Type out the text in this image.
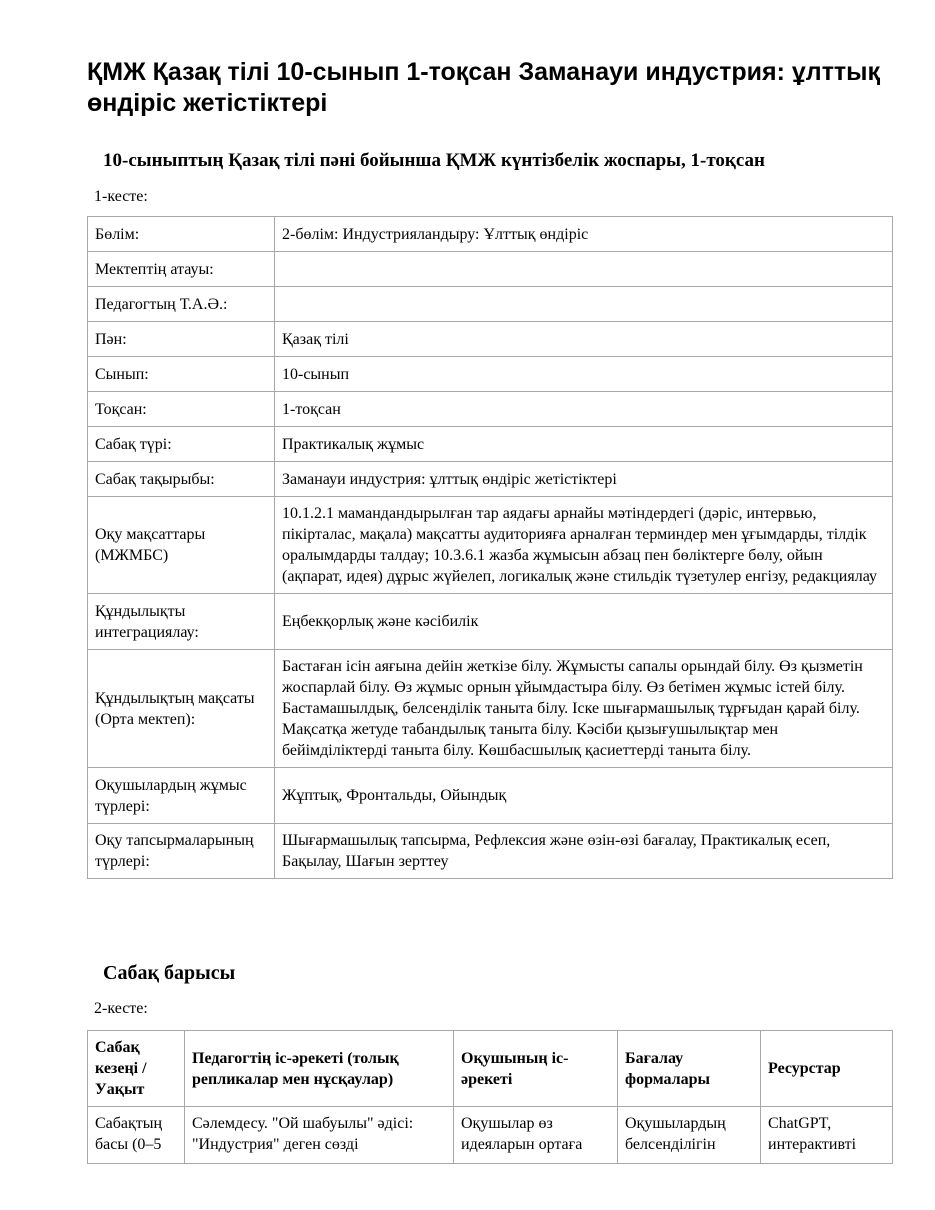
ҚМЖ Қазақ тілі 10-сынып 1-тоқсан Заманауи индустрия: ұлттық өндіріс жетістіктері
10-сыныптың Қазақ тілі пәні бойынша ҚМЖ күнтізбелік жоспары, 1-тоқсан

1-кесте:

Бөлім:	2-бөлім: Индустрияландыру: Ұлттық өндіріс
Мектептің атауы:	
Педагогтың Т.А.Ә.:	
Пән:	Қазақ тілі
Сынып:	10-сынып
Тоқсан:	1-тоқсан
Сабақ түрі:	Практикалық жұмыс
Сабақ тақырыбы:	Заманауи индустрия: ұлттық өндіріс жетістіктері
Оқу мақсаттары (МЖМБС)	10.1.2.1 мамандандырылған тар аядағы арнайы мәтіндердегі (дәріс, интервью, пікірталас, мақала) мақсатты аудиторияға арналған терминдер мен ұғымдарды, тілдік оралымдарды талдау; 10.3.6.1 жазба жұмысын абзац пен бөліктерге бөлу, ойын (ақпарат, идея) дұрыс жүйелеп, логикалық және стильдік түзетулер енгізу, редакциялау
Құндылықты интеграциялау:	Еңбекқорлық және кәсібилік
Құндылықтың мақсаты (Орта мектеп):	Бастаған ісін аяғына дейін жеткізе білу. Жұмысты сапалы орындай білу. Өз қызметін жоспарлай білу. Өз жұмыс орнын ұйымдастыра білу. Өз бетімен жұмыс істей білу. Бастамашылдық, белсенділік таныта білу. Іске шығармашылық тұрғыдан қарай білу. Мақсатқа жетуде табандылық таныта білу. Кәсіби қызығушылықтар мен бейімділіктерді таныта білу. Көшбасшылық қасиеттерді таныта білу.
Оқушылардың жұмыс түрлері:	Жұптық, Фронтальды, Ойындық
Оқу тапсырмаларының түрлері:	Шығармашылық тапсырма, Рефлексия және өзін-өзі бағалау, Практикалық есеп, Бақылау, Шағын зерттеу
Сабақ барысы

2-кесте:

Сабақ кезеңі / Уақыт	Педагогтің іс-әрекеті (толық репликалар мен нұсқаулар)	Оқушының іс-әрекеті	Бағалау формалары	Ресурстар

Сабақтың басы (0–5	Сәлемдесу. "Ой шабуылы" әдісі: "Индустрия" деген сөзді	Оқушылар өз идеяларын ортаға	Оқушылардың белсенділігін	ChatGPT, интерактивті
